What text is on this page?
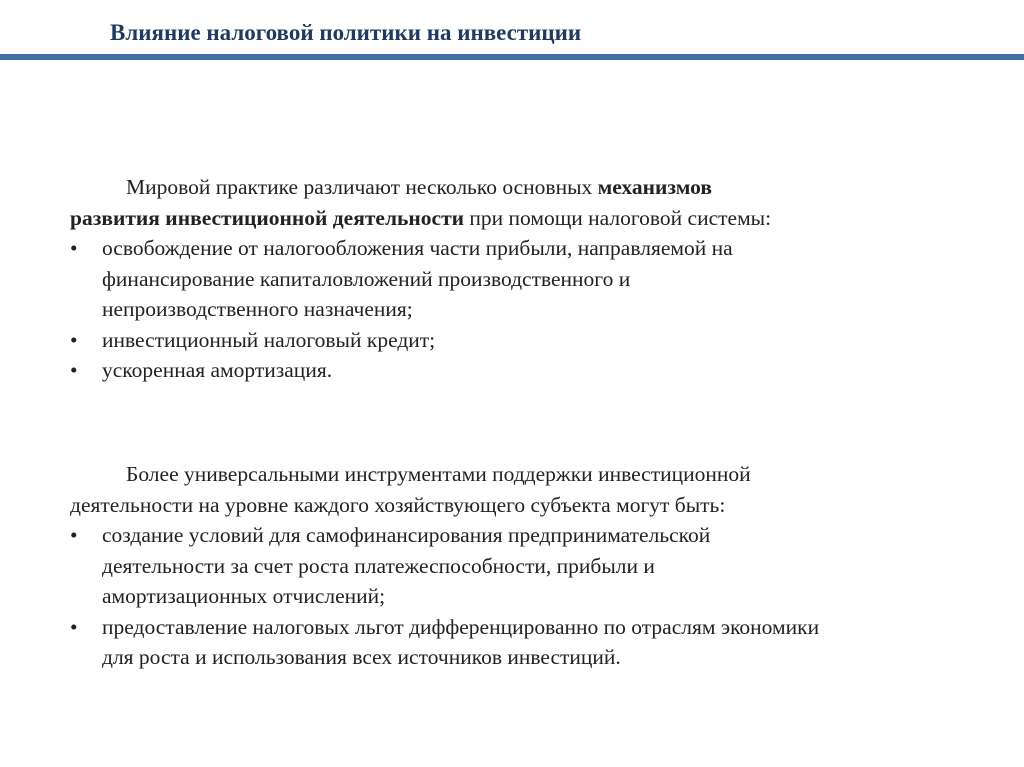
Влияние налоговой политики на инвестиции

Мировой практике различают несколько основных механизмов

развития инвестиционной деятельности при помощи налоговой системы:

• освобождение от налогообложения части прибыли, направляемой на
финансирование капиталовложений производственного и
непроизводственного назначения;
• инвестиционный налоговый кредит;
• ускоренная амортизация.

Более универсальными инструментами поддержки инвестиционной

деятельности на уровне каждого хозяйствующего субъекта могут быть:

• создание условий для самофинансирования предпринимательской
деятельности за счет роста платежеспособности, прибыли и
амортизационных отчислений;
• предоставление налоговых льгот дифференцированно по отраслям экономики
для роста и использования всех источников инвестиций.
